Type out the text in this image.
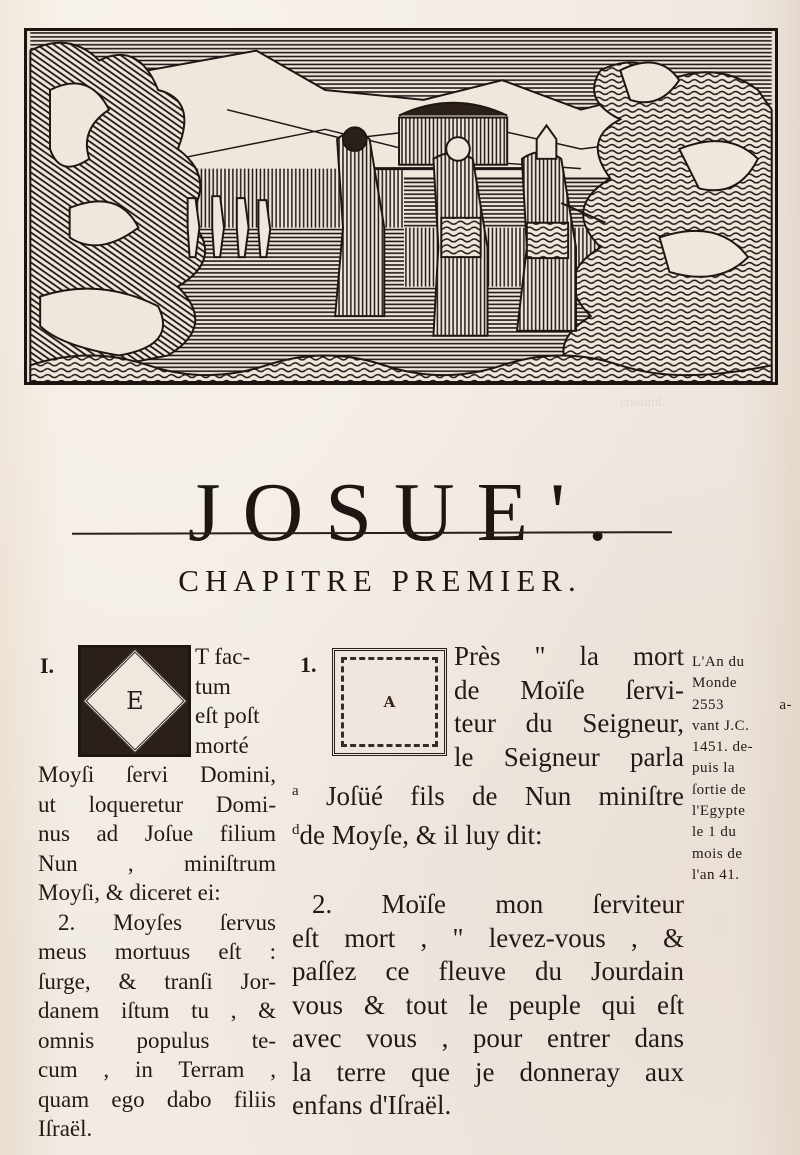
courant.
JOSUE'.
CHAPITRE PREMIER.
I.
E
T fac-
tum
eſt poſt
morté
Moyſi ſervi Domini,
ut loqueretur Domi-
nus ad Joſue filium
Nun , miniſtrum
Moyſi, & diceret ei:
2. Moyſes ſervus
meus mortuus eſt :
ſurge, & tranſi Jor-
danem iſtum tu , &
omnis populus te-
cum , in Terram ,
quam ego dabo filiis
Iſraël.
1.
A
Près " la mort
de Moïſe ſervi-
teur du Seigneur,
le Seigneur parla
$^a$ Joſüé fils de Nun miniſtre
$^d$de Moyſe, & il luy dit:
2. Moïſe mon ſerviteur
eſt mort , " levez-vous , &
paſſez ce fleuve du Jourdain
vous & tout le peuple qui eſt
avec vous , pour entrer dans
la terre que je donneray aux
enfans d'Iſraël.
L'An du
Monde
2553 a-
vant J.C.
1451. de-
puis la
ſortie de
l'Egypte
le 1 du
mois de
l'an 41.
